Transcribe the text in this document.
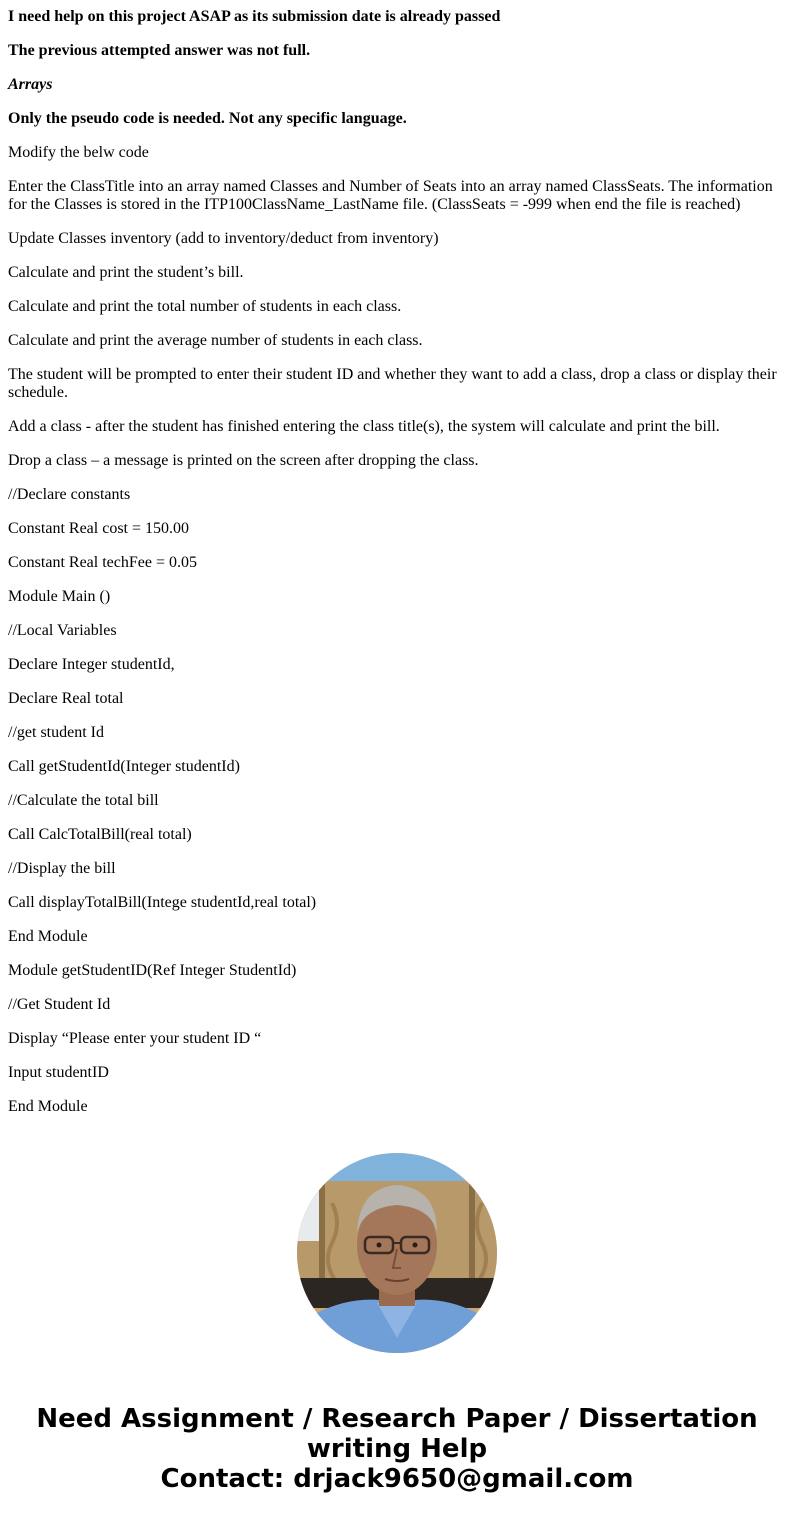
I need help on this project ASAP as its submission date is already passed

The previous attempted answer was not full.

Arrays

Only the pseudo code is needed. Not any specific language.

Modify the belw code

Enter the ClassTitle into an array named Classes and Number of Seats into an array named ClassSeats. The information for the Classes is stored in the ITP100ClassName_LastName file. (ClassSeats = -999 when end the file is reached)

Update Classes inventory (add to inventory/deduct from inventory)

Calculate and print the student’s bill.

Calculate and print the total number of students in each class.

Calculate and print the average number of students in each class.

The student will be prompted to enter their student ID and whether they want to add a class, drop a class or display their schedule.

Add a class - after the student has finished entering the class title(s), the system will calculate and print the bill.

Drop a class – a message is printed on the screen after dropping the class.

//Declare constants

Constant Real cost = 150.00

Constant Real techFee = 0.05

Module Main ()

//Local Variables

Declare Integer studentId,

Declare Real total

//get student Id

Call getStudentId(Integer studentId)

//Calculate the total bill

Call CalcTotalBill(real total)

//Display the bill

Call displayTotalBill(Intege studentId,real total)

End Module

Module getStudentID(Ref Integer StudentId)

//Get Student Id

Display “Please enter your student ID “

Input studentID

End Module

Need Assignment / Research Paper / Dissertation
writing Help
Contact: drjack9650@gmail.com
